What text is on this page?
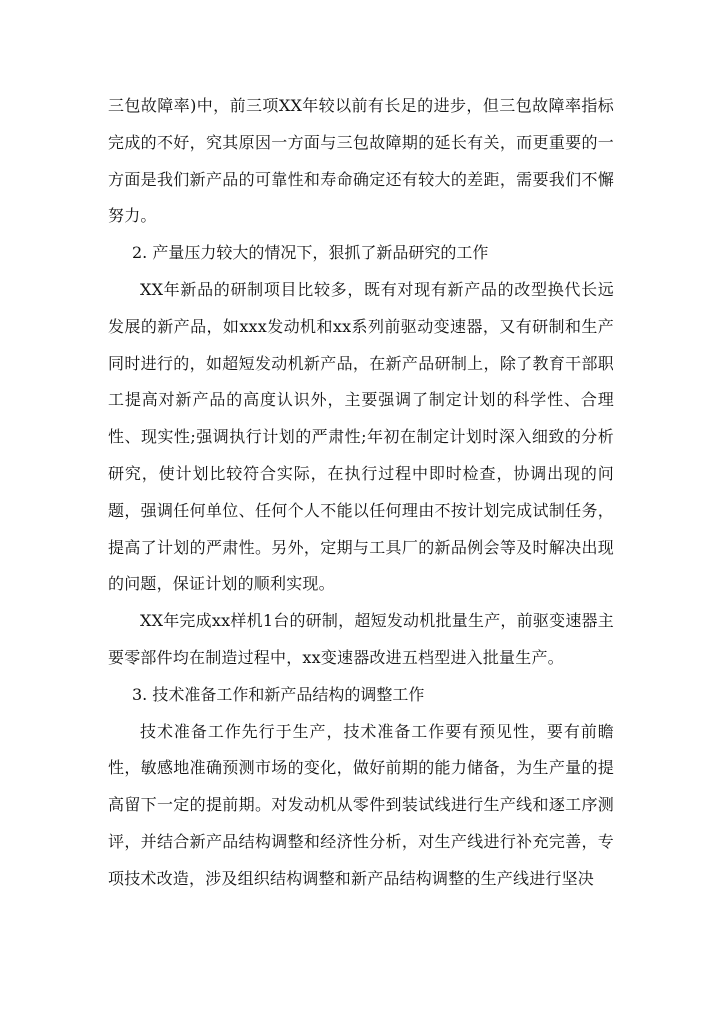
三包故障率)中，前三项XX年较以前有长足的进步，但三包故障率指标完成的不好，究其原因一方面与三包故障期的延长有关，而更重要的一方面是我们新产品的可靠性和寿命确定还有较大的差距，需要我们不懈努力。

2. 产量压力较大的情况下，狠抓了新品研究的工作

XX年新品的研制项目比较多，既有对现有新产品的改型换代长远发展的新产品，如xxx发动机和xx系列前驱动变速器，又有研制和生产同时进行的，如超短发动机新产品，在新产品研制上，除了教育干部职工提高对新产品的高度认识外，主要强调了制定计划的科学性、合理性、现实性;强调执行计划的严肃性;年初在制定计划时深入细致的分析研究，使计划比较符合实际，在执行过程中即时检查，协调出现的问题，强调任何单位、任何个人不能以任何理由不按计划完成试制任务，提高了计划的严肃性。另外，定期与工具厂的新品例会等及时解决出现的问题，保证计划的顺利实现。

XX年完成xx样机1台的研制，超短发动机批量生产，前驱变速器主要零部件均在制造过程中，xx变速器改进五档型进入批量生产。

3. 技术准备工作和新产品结构的调整工作

技术准备工作先行于生产，技术准备工作要有预见性，要有前瞻性，敏感地准确预测市场的变化，做好前期的能力储备，为生产量的提高留下一定的提前期。对发动机从零件到装试线进行生产线和逐工序测评，并结合新产品结构调整和经济性分析，对生产线进行补充完善，专项技术改造，涉及组织结构调整和新产品结构调整的生产线进行坚决
